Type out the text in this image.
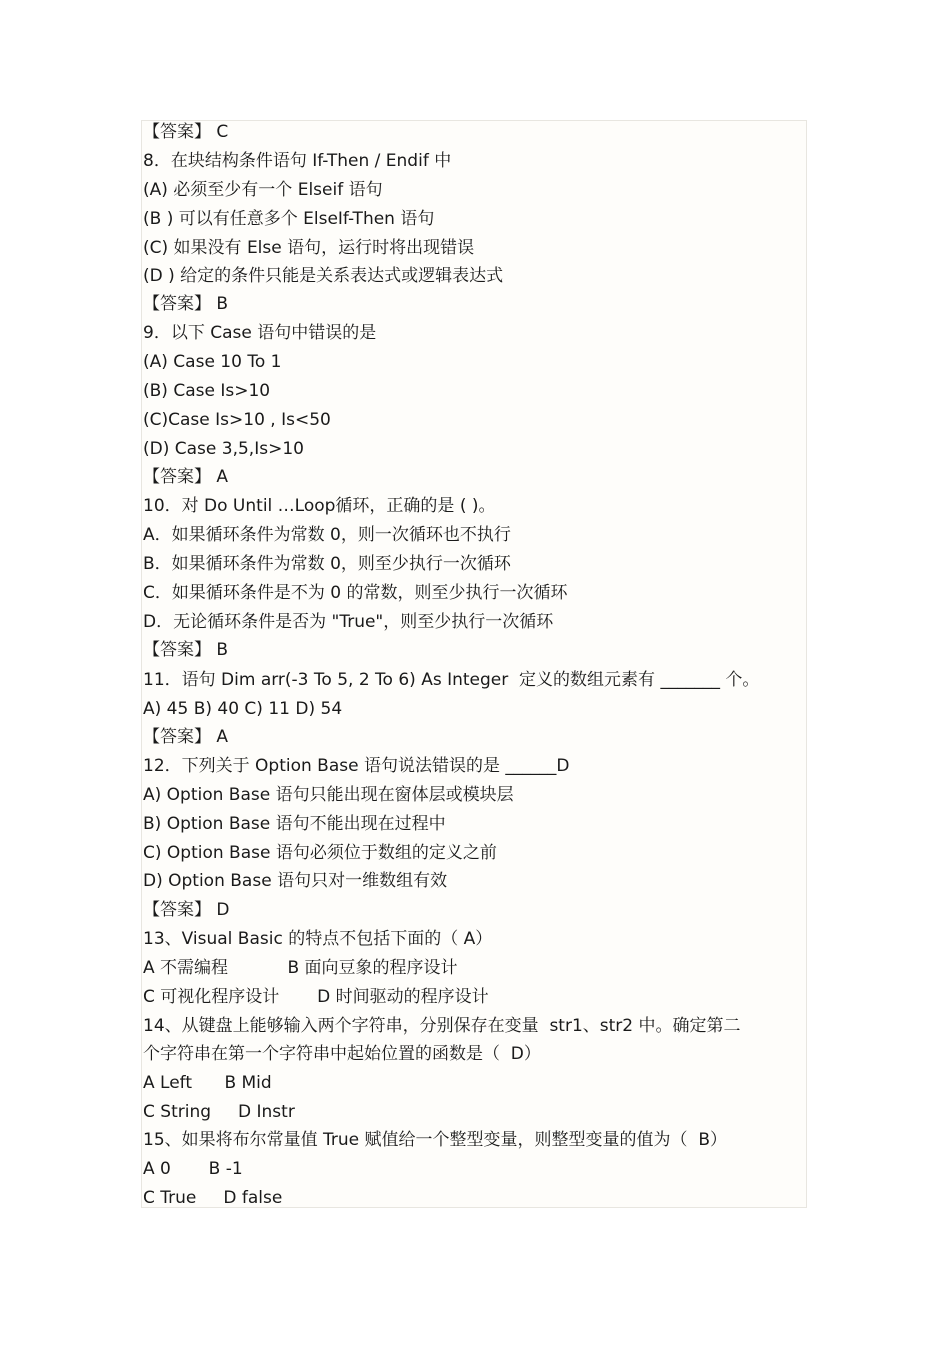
【答案】 C
8．在块结构条件语句 If-Then / Endif 中
(A) 必须至少有一个 Elseif 语句
(B ) 可以有任意多个 ElseIf-Then 语句
(C) 如果没有 Else 语句，运行时将出现错误
(D ) 给定的条件只能是关系表达式或逻辑表达式
【答案】 B
9．以下 Case 语句中错误的是
(A) Case 10 To 1
(B) Case Is>10
(C)Case Is>10 , Is<50
(D) Case 3,5,Is>10
【答案】 A
10．对 Do Until …Loop循环，正确的是 ( )。
A．如果循环条件为常数 0，则一次循环也不执行
B．如果循环条件为常数 0，则至少执行一次循环
C．如果循环条件是不为 0 的常数，则至少执行一次循环
D．无论循环条件是否为 "True"，则至少执行一次循环
【答案】 B
11．语句 Dim arr(-3 To 5, 2 To 6) As Integer  定义的数组元素有 _______ 个。
A) 45 B) 40 C) 11 D) 54
【答案】 A
12．下列关于 Option Base 语句说法错误的是 ______D
A) Option Base 语句只能出现在窗体层或模块层
B) Option Base 语句不能出现在过程中
C) Option Base 语句必须位于数组的定义之前
D) Option Base 语句只对一维数组有效
【答案】 D
13、Visual Basic 的特点不包括下面的（ A）
A 不需编程           B 面向豆象的程序设计
C 可视化程序设计       D 时间驱动的程序设计
14、从键盘上能够输入两个字符串，分别保存在变量  str1、str2 中。确定第二
个字符串在第一个字符串中起始位置的函数是（  D）
A Left      B Mid
C String     D Instr
15、如果将布尔常量值 True 赋值给一个整型变量，则整型变量的值为（  B）
A 0       B -1
C True     D false
